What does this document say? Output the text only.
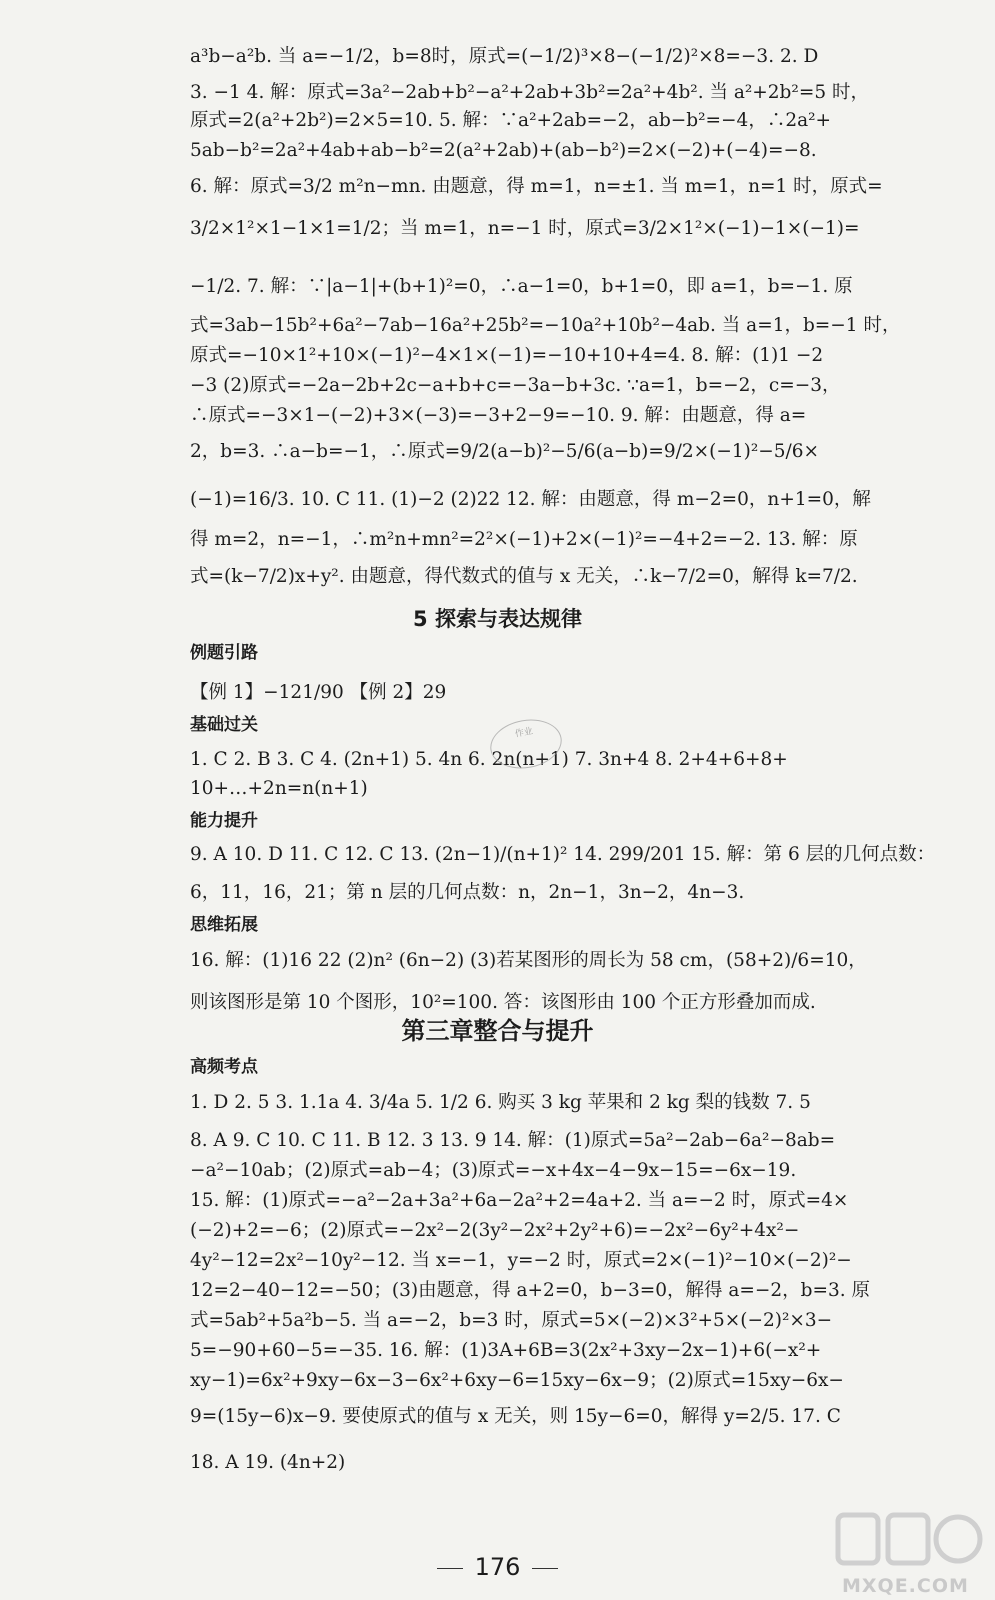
a³b−a²b. 当 a=−1/2，b=8时，原式=(−1/2)³×8−(−1/2)²×8=−3. 2. D
3. −1 4. 解：原式=3a²−2ab+b²−a²+2ab+3b²=2a²+4b². 当 a²+2b²=5 时，
原式=2(a²+2b²)=2×5=10. 5. 解：∵a²+2ab=−2，ab−b²=−4，∴2a²+
5ab−b²=2a²+4ab+ab−b²=2(a²+2ab)+(ab−b²)=2×(−2)+(−4)=−8.
6. 解：原式=3/2 m²n−mn. 由题意，得 m=1，n=±1. 当 m=1，n=1 时，原式=
3/2×1²×1−1×1=1/2；当 m=1，n=−1 时，原式=3/2×1²×(−1)−1×(−1)=
−1/2. 7. 解：∵|a−1|+(b+1)²=0，∴a−1=0，b+1=0，即 a=1，b=−1. 原
式=3ab−15b²+6a²−7ab−16a²+25b²=−10a²+10b²−4ab. 当 a=1，b=−1 时，
原式=−10×1²+10×(−1)²−4×1×(−1)=−10+10+4=4. 8. 解：(1)1 −2
−3 (2)原式=−2a−2b+2c−a+b+c=−3a−b+3c. ∵a=1，b=−2，c=−3，
∴原式=−3×1−(−2)+3×(−3)=−3+2−9=−10. 9. 解：由题意，得 a=
2，b=3. ∴a−b=−1，∴原式=9/2(a−b)²−5/6(a−b)=9/2×(−1)²−5/6×
(−1)=16/3. 10. C 11. (1)−2 (2)22 12. 解：由题意，得 m−2=0，n+1=0，解
得 m=2，n=−1，∴m²n+mn²=2²×(−1)+2×(−1)²=−4+2=−2. 13. 解：原
式=(k−7/2)x+y². 由题意，得代数式的值与 x 无关，∴k−7/2=0，解得 k=7/2.
5 探索与表达规律
例题引路
【例 1】−121/90 【例 2】29
基础过关
1. C 2. B 3. C 4. (2n+1) 5. 4n 6. 2n(n+1) 7. 3n+4 8. 2+4+6+8+
10+…+2n=n(n+1)
作业
能力提升
9. A 10. D 11. C 12. C 13. (2n−1)/(n+1)² 14. 299/201 15. 解：第 6 层的几何点数：
6，11，16，21；第 n 层的几何点数：n，2n−1，3n−2，4n−3.
思维拓展
16. 解：(1)16 22 (2)n² (6n−2) (3)若某图形的周长为 58 cm，(58+2)/6=10，
则该图形是第 10 个图形，10²=100. 答：该图形由 100 个正方形叠加而成.
第三章整合与提升
高频考点
1. D 2. 5 3. 1.1a 4. 3/4a 5. 1/2 6. 购买 3 kg 苹果和 2 kg 梨的钱数 7. 5
8. A 9. C 10. C 11. B 12. 3 13. 9 14. 解：(1)原式=5a²−2ab−6a²−8ab=
−a²−10ab；(2)原式=ab−4；(3)原式=−x+4x−4−9x−15=−6x−19.
15. 解：(1)原式=−a²−2a+3a²+6a−2a²+2=4a+2. 当 a=−2 时，原式=4×
(−2)+2=−6；(2)原式=−2x²−2(3y²−2x²+2y²+6)=−2x²−6y²+4x²−
4y²−12=2x²−10y²−12. 当 x=−1，y=−2 时，原式=2×(−1)²−10×(−2)²−
12=2−40−12=−50；(3)由题意，得 a+2=0，b−3=0，解得 a=−2，b=3. 原
式=5ab²+5a²b−5. 当 a=−2，b=3 时，原式=5×(−2)×3²+5×(−2)²×3−
5=−90+60−5=−35. 16. 解：(1)3A+6B=3(2x²+3xy−2x−1)+6(−x²+
xy−1)=6x²+9xy−6x−3−6x²+6xy−6=15xy−6x−9；(2)原式=15xy−6x−
9=(15y−6)x−9. 要使原式的值与 x 无关，则 15y−6=0，解得 y=2/5. 17. C
18. A 19. (4n+2)
176
MXQE.COM
